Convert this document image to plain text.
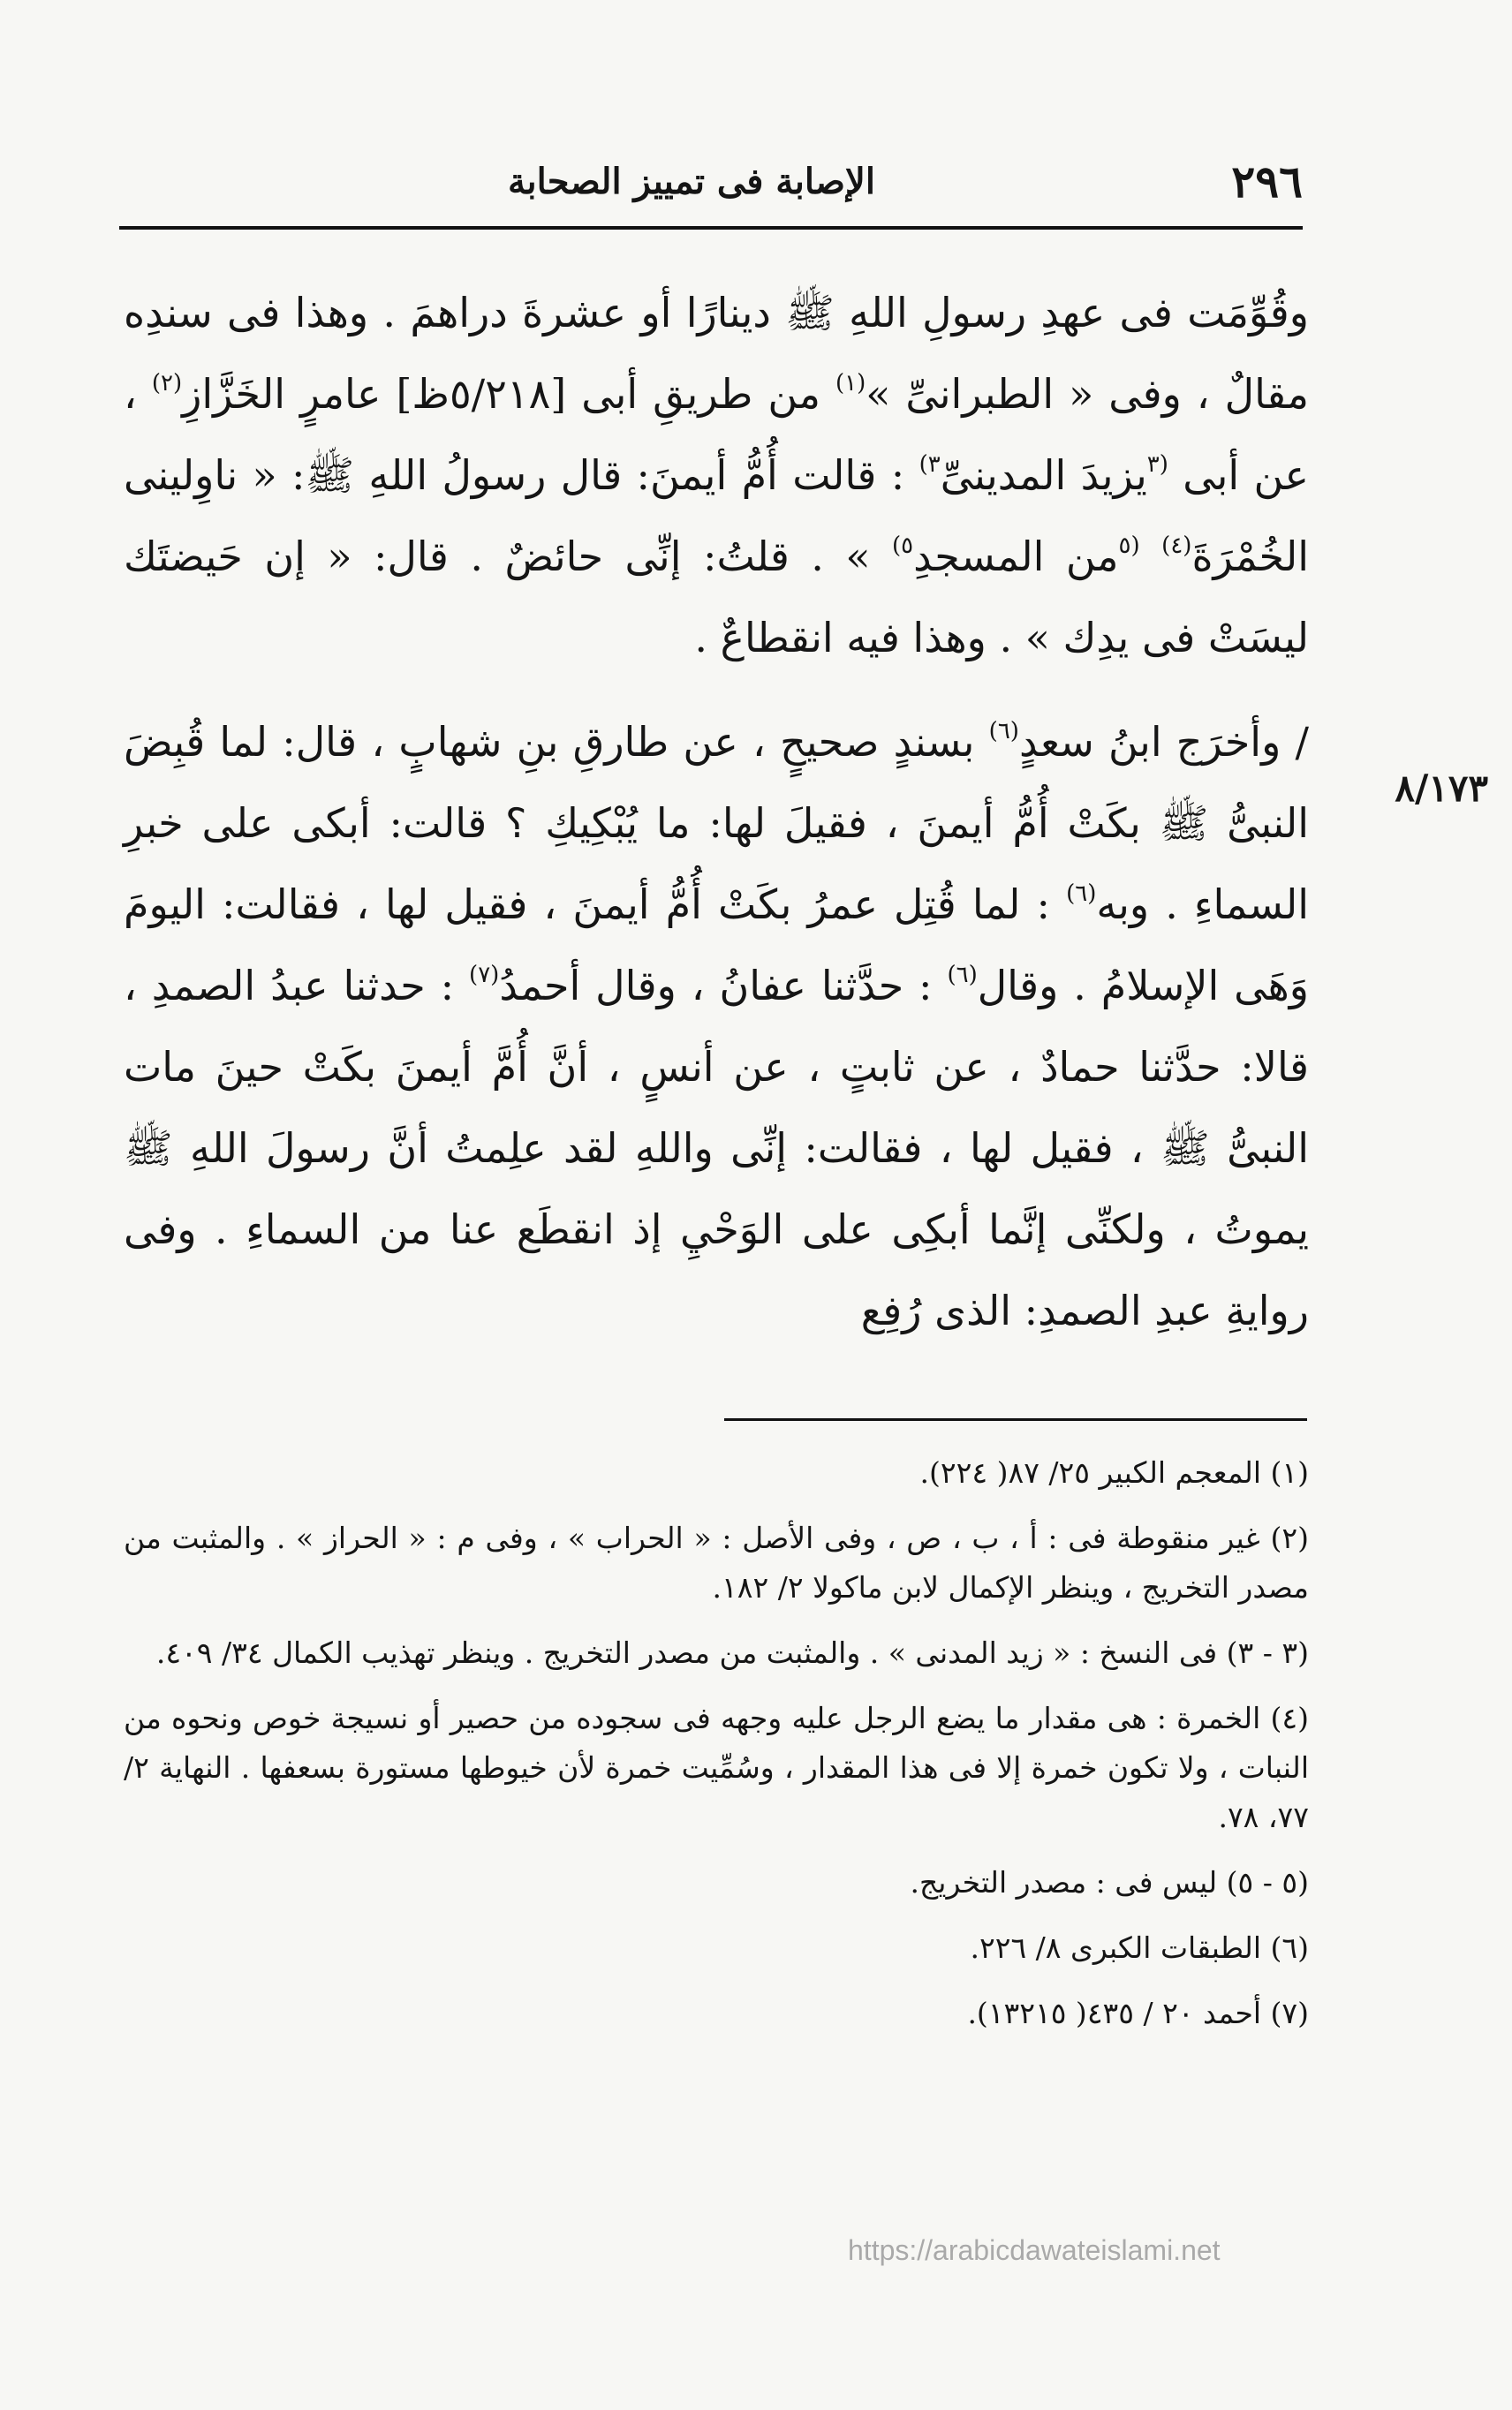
٢٩٦
الإصابة فى تمييز الصحابة

وقُوِّمَت فى عهدِ رسولِ اللهِ ﷺ دينارًا أو عشرةَ دراهمَ . وهذا فى سندِه مقالٌ ، وفى « الطبرانىِّ »$^{(١)}$ من طريقِ أبى [٥/٢١٨ظ] عامرٍ الخَزَّازِ$^{(٢)}$ ، عن أبى $^{(٣}$يزيدَ المدينىِّ$^{٣)}$ : قالت أُمُّ أيمنَ: قال رسولُ اللهِ ﷺ: « ناوِلينى الخُمْرَةَ$^{(٤)}$ $^{(٥}$من المسجدِ$^{٥)}$ » . قلتُ: إنِّى حائضٌ . قال: « إن حَيضتَك ليسَتْ فى يدِك » . وهذا فيه انقطاعٌ .

/ وأخرَج ابنُ سعدٍ$^{(٦)}$ بسندٍ صحيحٍ ، عن طارقِ بنِ شهابٍ ، قال: لما قُبِضَ النبىُّ ﷺ بكَتْ أُمُّ أيمنَ ، فقيلَ لها: ما يُبْكِيكِ ؟ قالت: أبكى على خبرِ السماءِ . وبه$^{(٦)}$ : لما قُتِل عمرُ بكَتْ أُمُّ أيمنَ ، فقيل لها ، فقالت: اليومَ وَهَى الإسلامُ . وقال$^{(٦)}$ : حدَّثنا عفانُ ، وقال أحمدُ$^{(٧)}$ : حدثنا عبدُ الصمدِ ، قالا: حدَّثنا حمادٌ ، عن ثابتٍ ، عن أنسٍ ، أنَّ أُمَّ أيمنَ بكَتْ حينَ مات النبىُّ ﷺ ، فقيل لها ، فقالت: إنِّى واللهِ لقد علِمتُ أنَّ رسولَ اللهِ ﷺ يموتُ ، ولكنِّى إنَّما أبكِى على الوَحْيِ إذ انقطَع عنا من السماءِ . وفى روايةِ عبدِ الصمدِ: الذى رُفِع

٨/١٧٣

(١) المعجم الكبير ٢٥/ ٨٧( ٢٢٤).

(٢) غير منقوطة فى : أ ، ب ، ص ، وفى الأصل : « الحراب » ، وفى م : « الحراز » . والمثبت من مصدر التخريج ، وينظر الإكمال لابن ماكولا ٢/ ١٨٢.

(٣ - ٣) فى النسخ : « زيد المدنى » . والمثبت من مصدر التخريج . وينظر تهذيب الكمال ٣٤/ ٤٠٩.

(٤) الخمرة : هى مقدار ما يضع الرجل عليه وجهه فى سجوده من حصير أو نسيجة خوص ونحوه من النبات ، ولا تكون خمرة إلا فى هذا المقدار ، وسُمِّيت خمرة لأن خيوطها مستورة بسعفها . النهاية ٢/ ٧٧، ٧٨.

(٥ - ٥) ليس فى : مصدر التخريج.

(٦) الطبقات الكبرى ٨/ ٢٢٦.

(٧) أحمد ٢٠ / ٤٣٥( ١٣٢١٥).

https://arabicdawateislami.net
